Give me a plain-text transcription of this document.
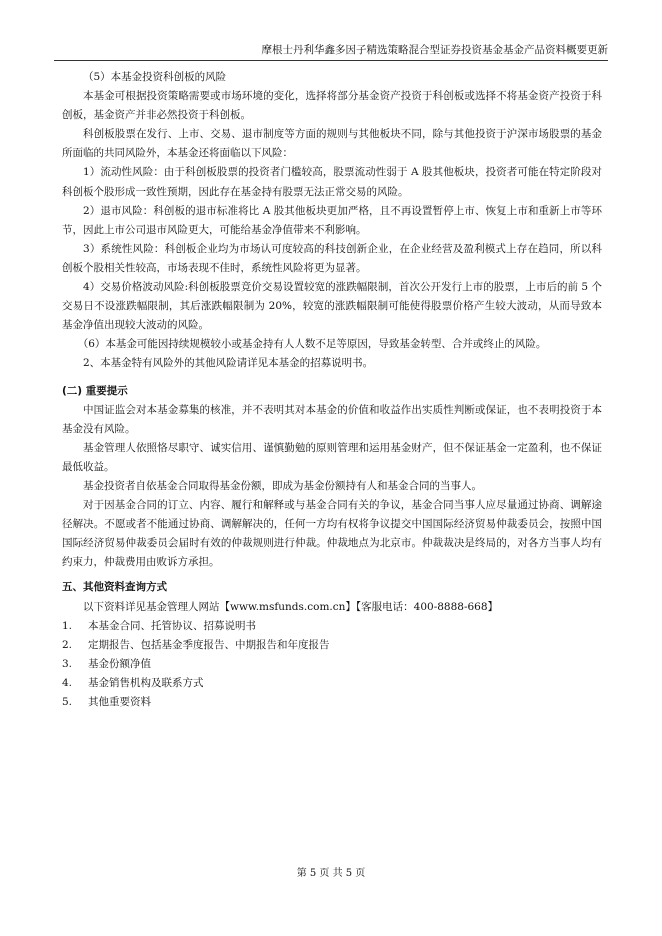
摩根士丹利华鑫多因子精选策略混合型证券投资基金基金产品资料概要更新

（5）本基金投资科创板的风险

本基金可根据投资策略需要或市场环境的变化，选择将部分基金资产投资于科创板或选择不将基金资产投资于科创板，基金资产并非必然投资于科创板。

科创板股票在发行、上市、交易、退市制度等方面的规则与其他板块不同，除与其他投资于沪深市场股票的基金所面临的共同风险外，本基金还将面临以下风险：

1）流动性风险：由于科创板股票的投资者门槛较高，股票流动性弱于 A 股其他板块，投资者可能在特定阶段对科创板个股形成一致性预期，因此存在基金持有股票无法正常交易的风险。

2）退市风险：科创板的退市标准将比 A 股其他板块更加严格，且不再设置暂停上市、恢复上市和重新上市等环节，因此上市公司退市风险更大，可能给基金净值带来不利影响。

3）系统性风险：科创板企业均为市场认可度较高的科技创新企业，在企业经营及盈利模式上存在趋同，所以科创板个股相关性较高，市场表现不佳时，系统性风险将更为显著。

4）交易价格波动风险:科创板股票竞价交易设置较宽的涨跌幅限制，首次公开发行上市的股票，上市后的前 5 个交易日不设涨跌幅限制，其后涨跌幅限制为 20%，较宽的涨跌幅限制可能使得股票价格产生较大波动，从而导致本基金净值出现较大波动的风险。

（6）本基金可能因持续规模较小或基金持有人人数不足等原因，导致基金转型、合并或终止的风险。

2、本基金特有风险外的其他风险请详见本基金的招募说明书。

(二) 重要提示

中国证监会对本基金募集的核准，并不表明其对本基金的价值和收益作出实质性判断或保证，也不表明投资于本基金没有风险。

基金管理人依照恪尽职守、诚实信用、谨慎勤勉的原则管理和运用基金财产，但不保证基金一定盈利，也不保证最低收益。

基金投资者自依基金合同取得基金份额，即成为基金份额持有人和基金合同的当事人。

对于因基金合同的订立、内容、履行和解释或与基金合同有关的争议，基金合同当事人应尽量通过协商、调解途径解决。不愿或者不能通过协商、调解解决的，任何一方均有权将争议提交中国国际经济贸易仲裁委员会，按照中国国际经济贸易仲裁委员会届时有效的仲裁规则进行仲裁。仲裁地点为北京市。仲裁裁决是终局的，对各方当事人均有约束力，仲裁费用由败诉方承担。

五、其他资料查询方式

以下资料详见基金管理人网站【www.msfunds.com.cn】【客服电话：400-8888-668】

1.	本基金合同、托管协议、招募说明书
2.	定期报告、包括基金季度报告、中期报告和年度报告
3.	基金份额净值
4.	基金销售机构及联系方式
5.	其他重要资料
第 5 页 共 5 页
